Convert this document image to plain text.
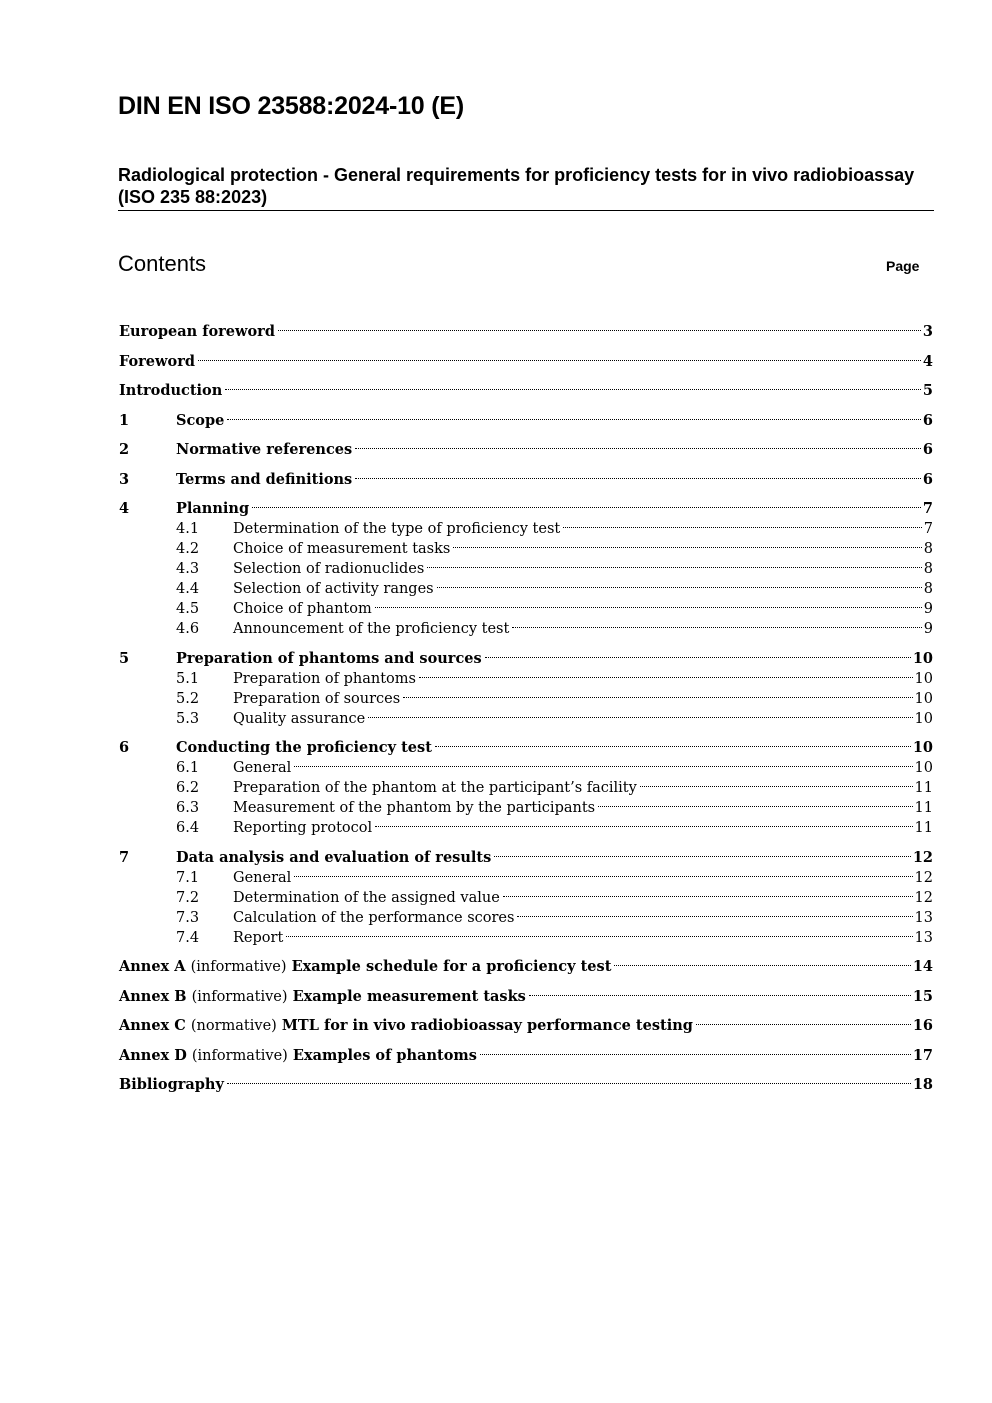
DIN EN ISO 23588:2024-10 (E)
Radiological protection - General requirements for proficiency tests for in vivo radiobioassay (ISO 235 88:2023)
Contents	Page
European foreword	3
Foreword	4
Introduction	5
1	Scope	6
2	Normative references	6
3	Terms and definitions	6
4	Planning	7
4.1	Determination of the type of proficiency test	7
4.2	Choice of measurement tasks	8
4.3	Selection of radionuclides	8
4.4	Selection of activity ranges	8
4.5	Choice of phantom	9
4.6	Announcement of the proficiency test	9
5	Preparation of phantoms and sources	10
5.1	Preparation of phantoms	10
5.2	Preparation of sources	10
5.3	Quality assurance	10
6	Conducting the proficiency test	10
6.1	General	10
6.2	Preparation of the phantom at the participant’s facility	11
6.3	Measurement of the phantom by the participants	11
6.4	Reporting protocol	11
7	Data analysis and evaluation of results	12
7.1	General	12
7.2	Determination of the assigned value	12
7.3	Calculation of the performance scores	13
7.4	Report	13
Annex A (informative) Example schedule for a proficiency test	14
Annex B (informative) Example measurement tasks	15
Annex C (normative) MTL for in vivo radiobioassay performance testing	16
Annex D (informative) Examples of phantoms	17
Bibliography	18
